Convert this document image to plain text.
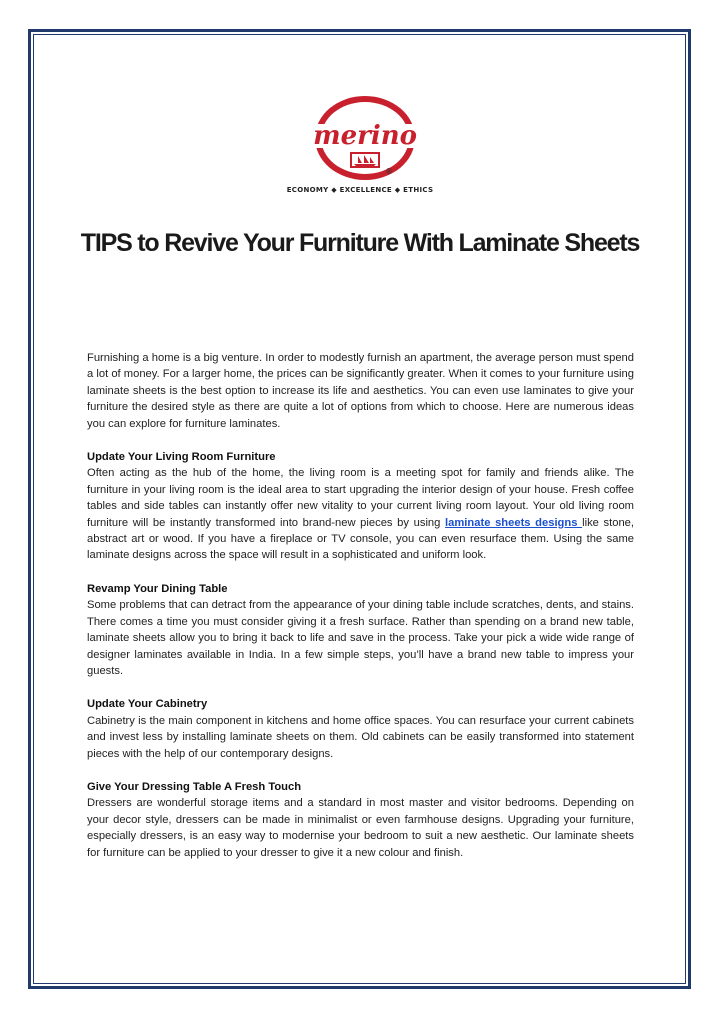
merino
®
ECONOMY ◆ EXCELLENCE ◆ ETHICS
TIPS to Revive Your Furniture With Laminate Sheets

Furnishing a home is a big venture. In order to modestly furnish an apartment, the average person must spend a lot of money. For a larger home, the prices can be significantly greater. When it comes to your furniture using laminate sheets is the best option to increase its life and aesthetics. You can even use laminates to give your furniture the desired style as there are quite a lot of options from which to choose. Here are numerous ideas you can explore for furniture laminates.

Update Your Living Room Furniture

Often acting as the hub of the home, the living room is a meeting spot for family and friends alike. The furniture in your living room is the ideal area to start upgrading the interior design of your house. Fresh coffee tables and side tables can instantly offer new vitality to your current living room layout. Your old living room furniture will be instantly transformed into brand-new pieces by using laminate sheets designs like stone, abstract art or wood. If you have a fireplace or TV console, you can even resurface them. Using the same laminate designs across the space will result in a sophisticated and uniform look.

Revamp Your Dining Table

Some problems that can detract from the appearance of your dining table include scratches, dents, and stains. There comes a time you must consider giving it a fresh surface. Rather than spending on a brand new table, laminate sheets allow you to bring it back to life and save in the process. Take your pick a wide wide range of designer laminates available in India. In a few simple steps, you’ll have a brand new table to impress your guests.

Update Your Cabinetry

Cabinetry is the main component in kitchens and home office spaces. You can resurface your current cabinets and invest less by installing laminate sheets on them. Old cabinets can be easily transformed into statement pieces with the help of our contemporary designs.

Give Your Dressing Table A Fresh Touch

Dressers are wonderful storage items and a standard in most master and visitor bedrooms. Depending on your decor style, dressers can be made in minimalist or even farmhouse designs. Upgrading your furniture, especially dressers, is an easy way to modernise your bedroom to suit a new aesthetic. Our laminate sheets for furniture can be applied to your dresser to give it a new colour and finish.
